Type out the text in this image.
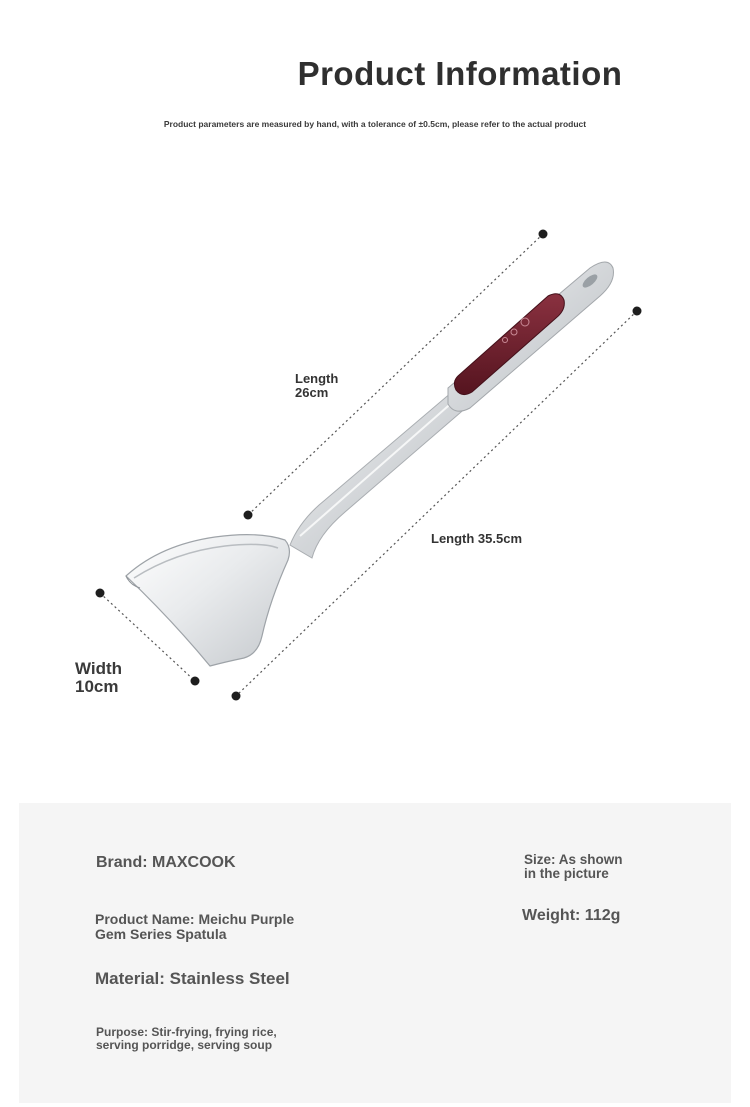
Product Information
Product parameters are measured by hand, with a tolerance of ±0.5cm, please refer to the actual product
Length
26cm
Length 35.5cm
Width
10cm
Brand: MAXCOOK
Product Name: Meichu Purple
Gem Series Spatula
Material: Stainless Steel
Purpose: Stir-frying, frying rice,
serving porridge, serving soup
Size: As shown
in the picture
Weight: 112g
